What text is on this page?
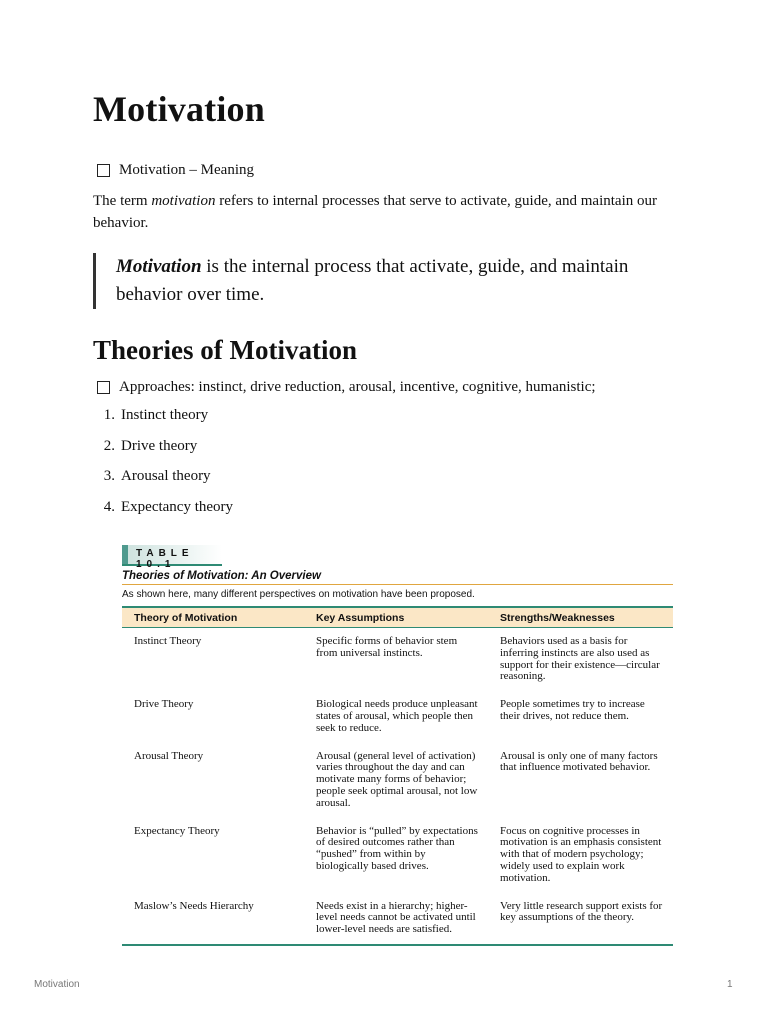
Motivation
Motivation – Meaning

The term motivation refers to internal processes that serve to activate, guide, and maintain our behavior.

Motivation is the internal process that activate, guide, and maintain behavior over time.
Theories of Motivation
Approaches: instinct, drive reduction, arousal, incentive, cognitive, humanistic;
1. Instinct theory
2. Drive theory
3. Arousal theory
4. Expectancy theory
TABLE 10.1
Theories of Motivation: An Overview
As shown here, many different perspectives on motivation have been proposed.
Theory of Motivation	Key Assumptions	Strengths/Weaknesses
Instinct Theory	Specific forms of behavior stem from universal instincts.	Behaviors used as a basis for inferring instincts are also used as support for their existence—circular reasoning.
Drive Theory	Biological needs produce unpleasant states of arousal, which people then seek to reduce.	People sometimes try to increase their drives, not reduce them.
Arousal Theory	Arousal (general level of activation) varies throughout the day and can motivate many forms of behavior; people seek optimal arousal, not low arousal.	Arousal is only one of many factors that influence motivated behavior.
Expectancy Theory	Behavior is “pulled” by expectations of desired outcomes rather than “pushed” from within by biologically based drives.	Focus on cognitive processes in motivation is an emphasis consistent with that of modern psychology; widely used to explain work motivation.
Maslow’s Needs Hierarchy	Needs exist in a hierarchy; higher-level needs cannot be activated until lower-level needs are satisfied.	Very little research support exists for key assumptions of the theory.
Motivation	1
